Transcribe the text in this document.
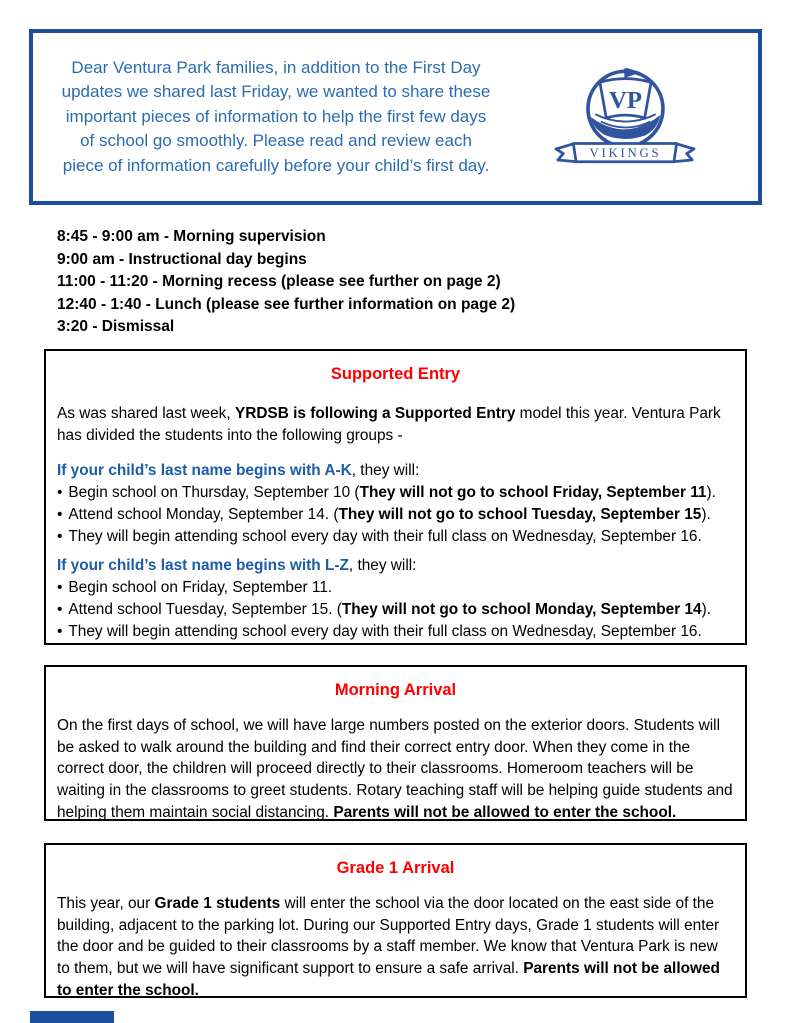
Dear Ventura Park families, in addition to the First Day updates we shared last Friday, we wanted to share these important pieces of information to help the first few days of school go smoothly. Please read and review each piece of information carefully before your child’s first day.
VP
VIKINGS
8:45 - 9:00 am - Morning supervision
9:00 am - Instructional day begins
11:00 - 11:20 - Morning recess (please see further on page 2)
12:40 - 1:40 - Lunch (please see further information on page 2)
3:20 - Dismissal
Supported Entry
As was shared last week, YRDSB is following a Supported Entry model this year. Ventura Park has divided the students into the following groups -
If your child’s last name begins with A-K, they will:
• Begin school on Thursday, September 10 (They will not go to school Friday, September 11).
• Attend school Monday, September 14. (They will not go to school Tuesday, September 15).
• They will begin attending school every day with their full class on Wednesday, September 16.
If your child’s last name begins with L-Z, they will:
• Begin school on Friday, September 11.
• Attend school Tuesday, September 15. (They will not go to school Monday, September 14).
• They will begin attending school every day with their full class on Wednesday, September 16.
Morning Arrival
On the first days of school, we will have large numbers posted on the exterior doors. Students will be asked to walk around the building and find their correct entry door. When they come in the correct door, the children will proceed directly to their classrooms. Homeroom teachers will be waiting in the classrooms to greet students. Rotary teaching staff will be helping guide students and helping them maintain social distancing. Parents will not be allowed to enter the school.
Grade 1 Arrival
This year, our Grade 1 students will enter the school via the door located on the east side of the building, adjacent to the parking lot. During our Supported Entry days, Grade 1 students will enter the door and be guided to their classrooms by a staff member. We know that Ventura Park is new to them, but we will have significant support to ensure a safe arrival. Parents will not be allowed to enter the school.
